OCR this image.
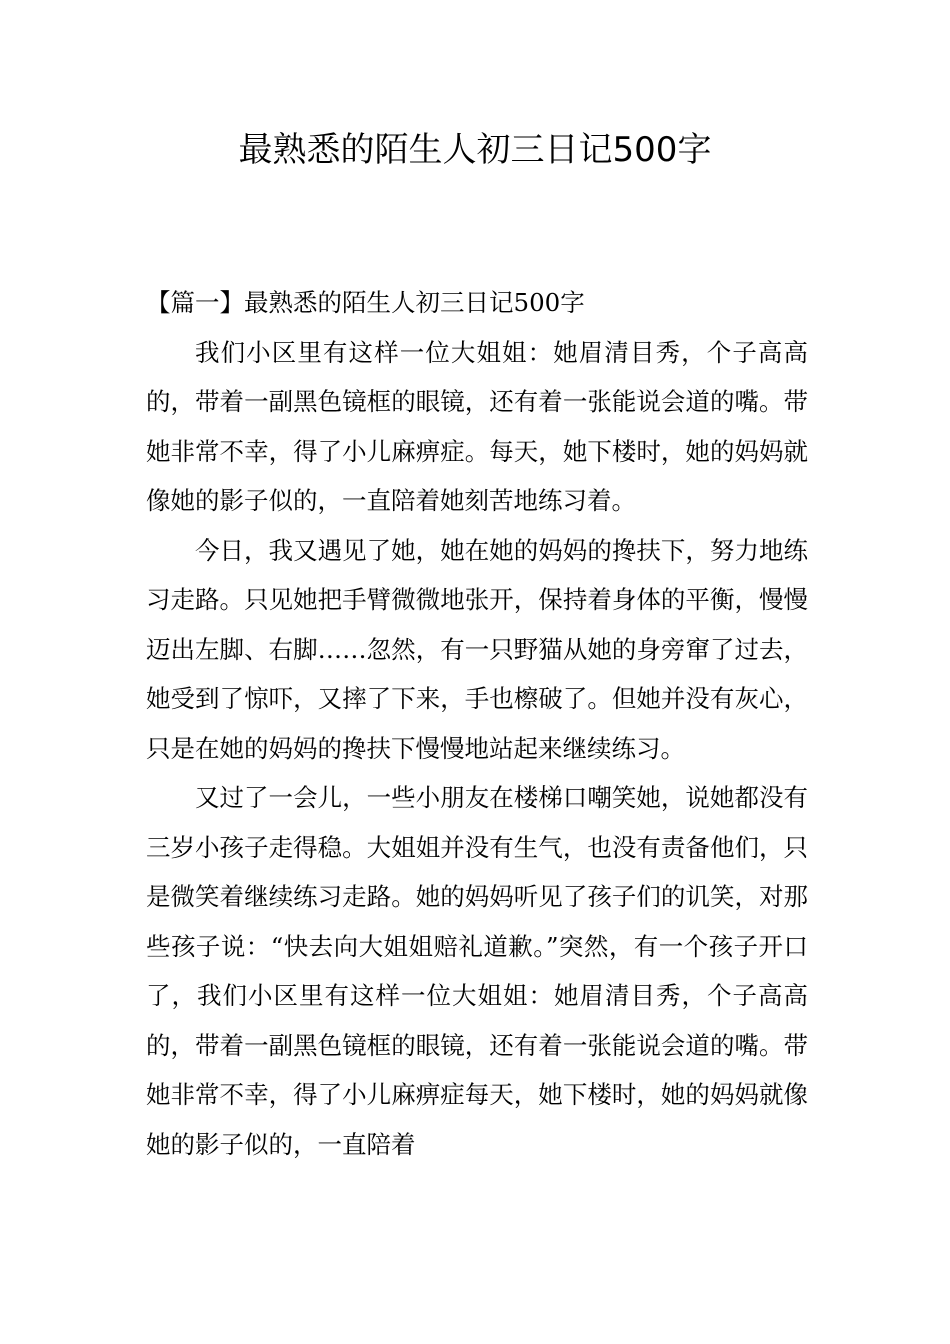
最熟悉的陌生人初三日记500字
【篇一】最熟悉的陌生人初三日记500字

我们小区里有这样一位大姐姐：她眉清目秀，个子高高的，带着一副黑色镜框的眼镜，还有着一张能说会道的嘴。带她非常不幸，得了小儿麻痹症。每天，她下楼时，她的妈妈就像她的影子似的，一直陪着她刻苦地练习着。

今日，我又遇见了她，她在她的妈妈的搀扶下，努力地练习走路。只见她把手臂微微地张开，保持着身体的平衡，慢慢迈出左脚、右脚……忽然，有一只野猫从她的身旁窜了过去，她受到了惊吓，又摔了下来，手也檫破了。但她并没有灰心，只是在她的妈妈的搀扶下慢慢地站起来继续练习。

又过了一会儿，一些小朋友在楼梯口嘲笑她，说她都没有三岁小孩子走得稳。大姐姐并没有生气，也没有责备他们，只是微笑着继续练习走路。她的妈妈听见了孩子们的讥笑，对那些孩子说：“快去向大姐姐赔礼道歉。”突然，有一个孩子开口了，我们小区里有这样一位大姐姐：她眉清目秀，个子高高的，带着一副黑色镜框的眼镜，还有着一张能说会道的嘴。带她非常不幸，得了小儿麻痹症每天，她下楼时，她的妈妈就像她的影子似的，一直陪着
